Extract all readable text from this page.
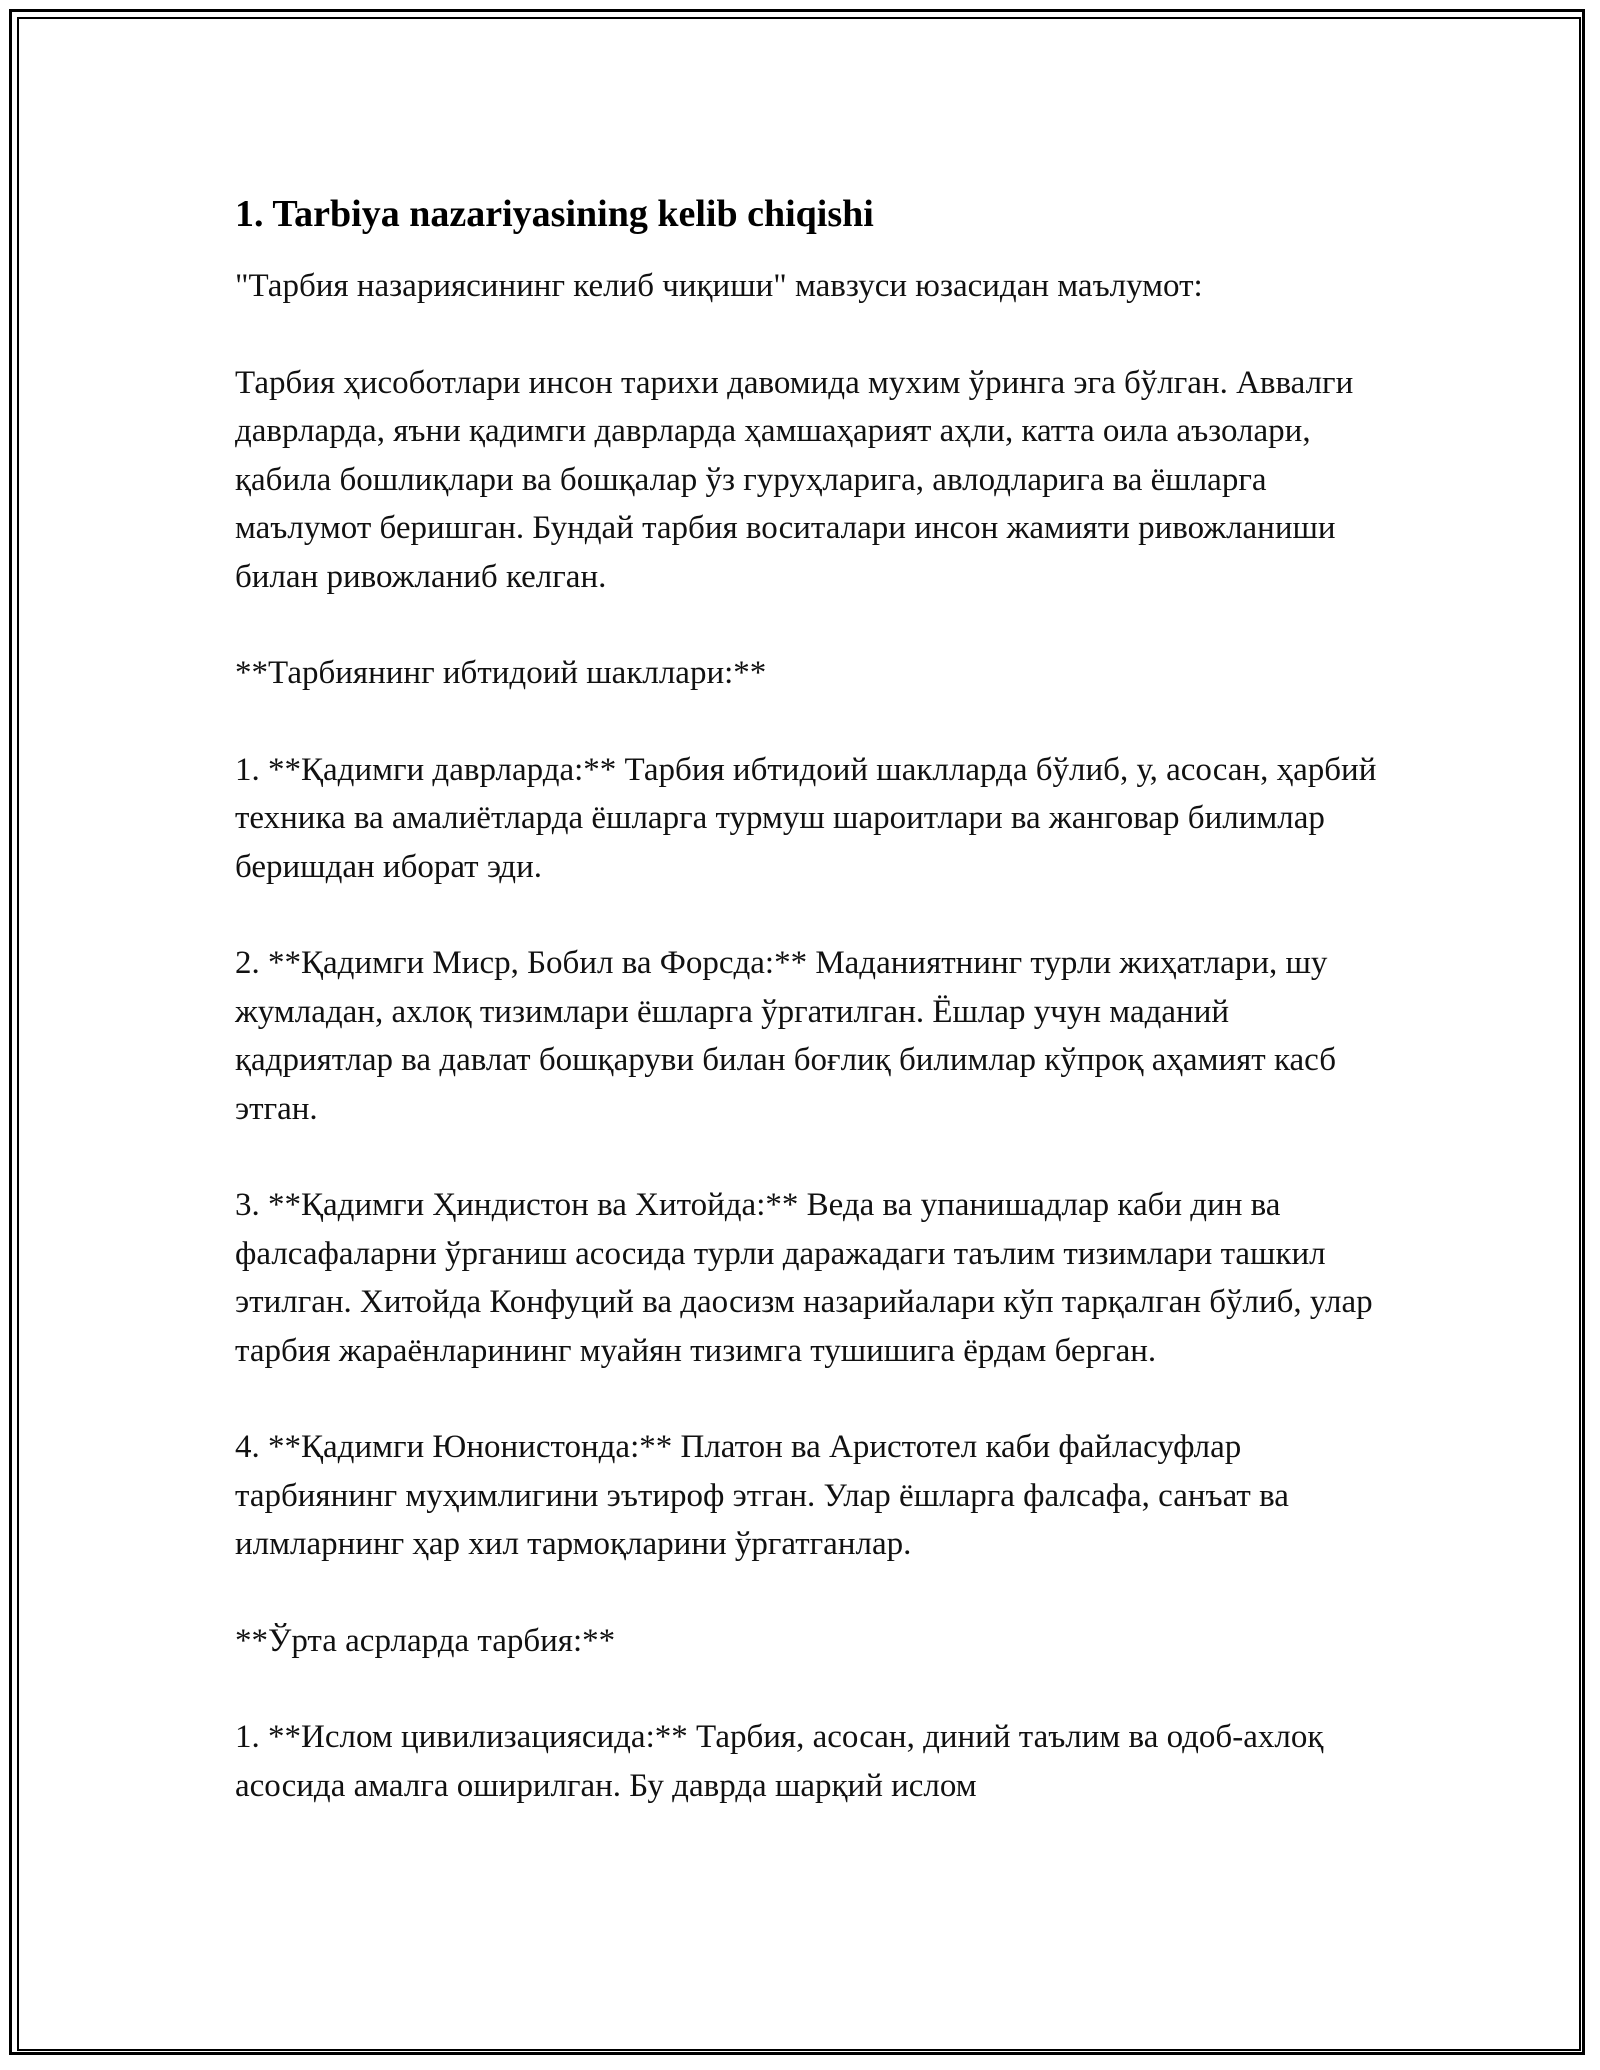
1. Tarbiya nazariyasining kelib chiqishi

"Тарбия назариясининг келиб чиқиши" мавзуси юзасидан маълумот:

Тарбия ҳисоботлари инсон тарихи давомида мухим ўринга эга бўлган. Аввалги даврларда, яъни қадимги даврларда ҳамшаҳарият аҳли, катта оила аъзолари, қабила бошлиқлари ва бошқалар ўз гуруҳларига, авлодларига ва ёшларга маълумот беришган. Бундай тарбия воситалари инсон жамияти ривожланиши билан ривожланиб келган.

**Тарбиянинг ибтидоий шакллари:**

1. **Қадимги даврларда:** Тарбия ибтидоий шаклларда бўлиб, у, асосан, ҳарбий техника ва амалиётларда ёшларга турмуш шароитлари ва жанговар билимлар беришдан иборат эди.

2. **Қадимги Миср, Бобил ва Форсда:** Маданиятнинг турли жиҳатлари, шу жумладан, ахлоқ тизимлари ёшларга ўргатилган. Ёшлар учун маданий қадриятлар ва давлат бошқаруви билан боғлиқ билимлар кўпроқ аҳамият касб этган.

3. **Қадимги Ҳиндистон ва Хитойда:** Веда ва упанишадлар каби дин ва фалсафаларни ўрганиш асосида турли даражадаги таълим тизимлари ташкил этилган. Хитойда Конфуций ва даосизм назарийалари кўп тарқалган бўлиб, улар тарбия жараёнларининг муайян тизимга тушишига ёрдам берган.

4. **Қадимги Юнонистонда:** Платон ва Аристотел каби файласуфлар тарбиянинг муҳимлигини эътироф этган. Улар ёшларга фалсафа, санъат ва илмларнинг ҳар хил тармоқларини ўргатганлар.

**Ўрта асрларда тарбия:**

1. **Ислом цивилизациясида:** Тарбия, асосан, диний таълим ва одоб-ахлоқ асосида амалга оширилган. Бу даврда шарқий ислом
